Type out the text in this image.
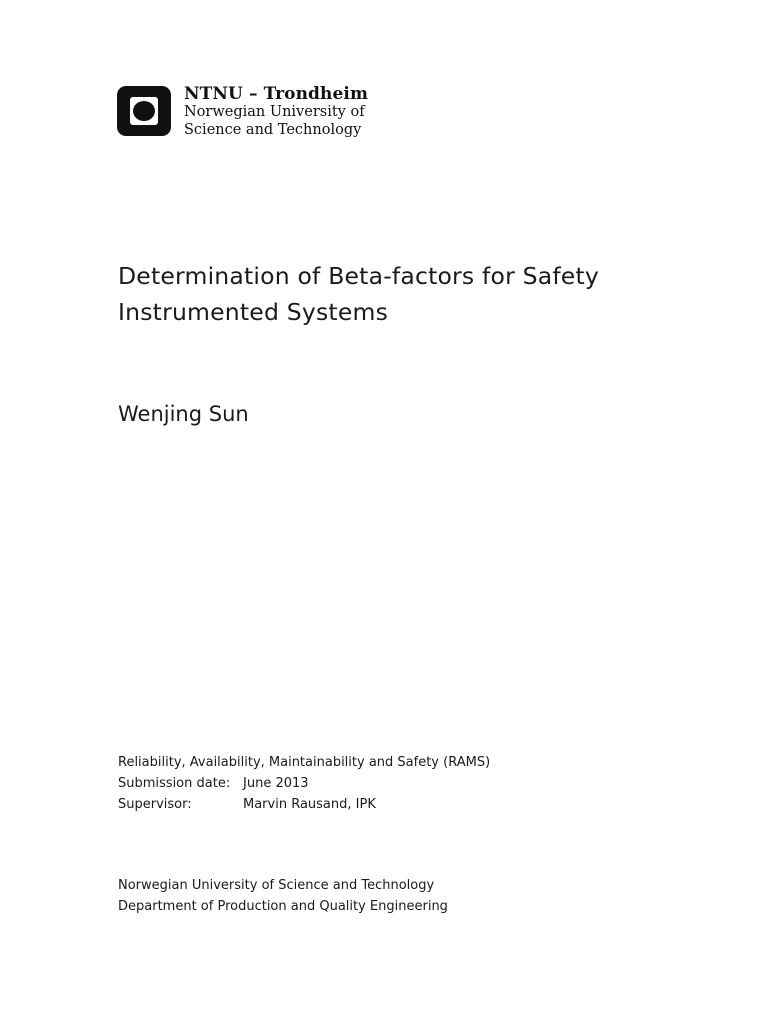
NTNU – Trondheim
Norwegian University of
Science and Technology
Determination of Beta-factors for Safety Instrumented Systems

Wenjing Sun

Reliability, Availability, Maintainability and Safety (RAMS)
Submission date: June 2013
Supervisor:	Marvin Rausand, IPK
Norwegian University of Science and Technology
Department of Production and Quality Engineering
